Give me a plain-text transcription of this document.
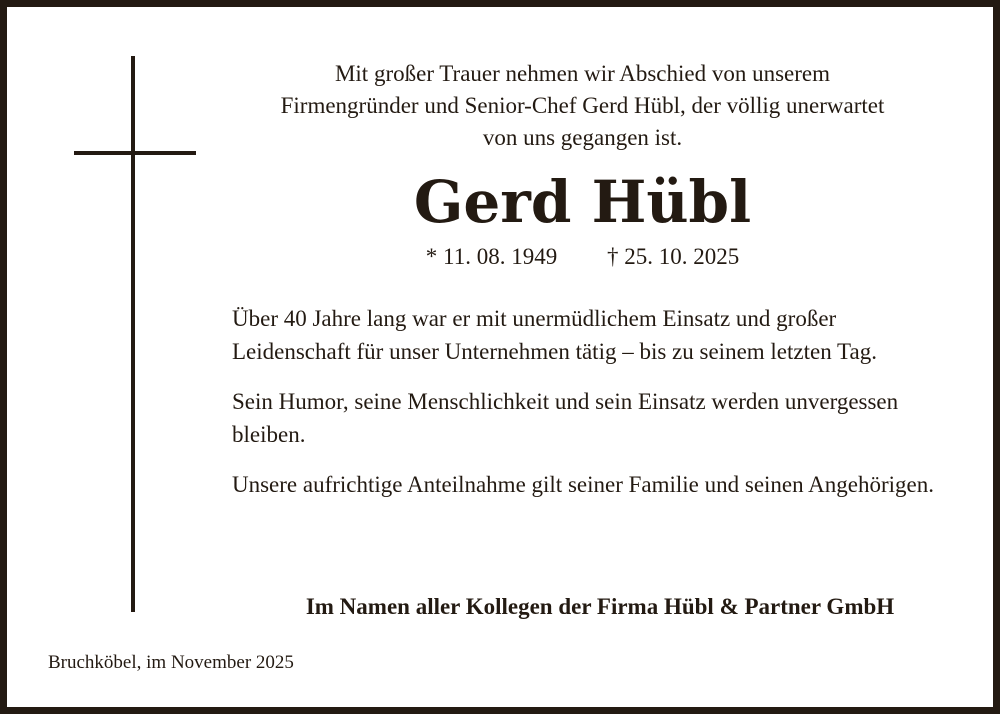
Mit großer Trauer nehmen wir Abschied von unserem
Firmengründer und Senior-Chef Gerd Hübl, der völlig unerwartet
von uns gegangen ist.
Gerd Hübl
* 11. 08. 1949 † 25. 10. 2025

Über 40 Jahre lang war er mit unermüdlichem Einsatz und großer Leidenschaft für unser Unternehmen tätig – bis zu seinem letzten Tag.

Sein Humor, seine Menschlichkeit und sein Einsatz werden unvergessen bleiben.

Unsere aufrichtige Anteilnahme gilt seiner Familie und seinen Angehörigen.

Im Namen aller Kollegen der Firma Hübl & Partner GmbH
Bruchköbel, im November 2025
